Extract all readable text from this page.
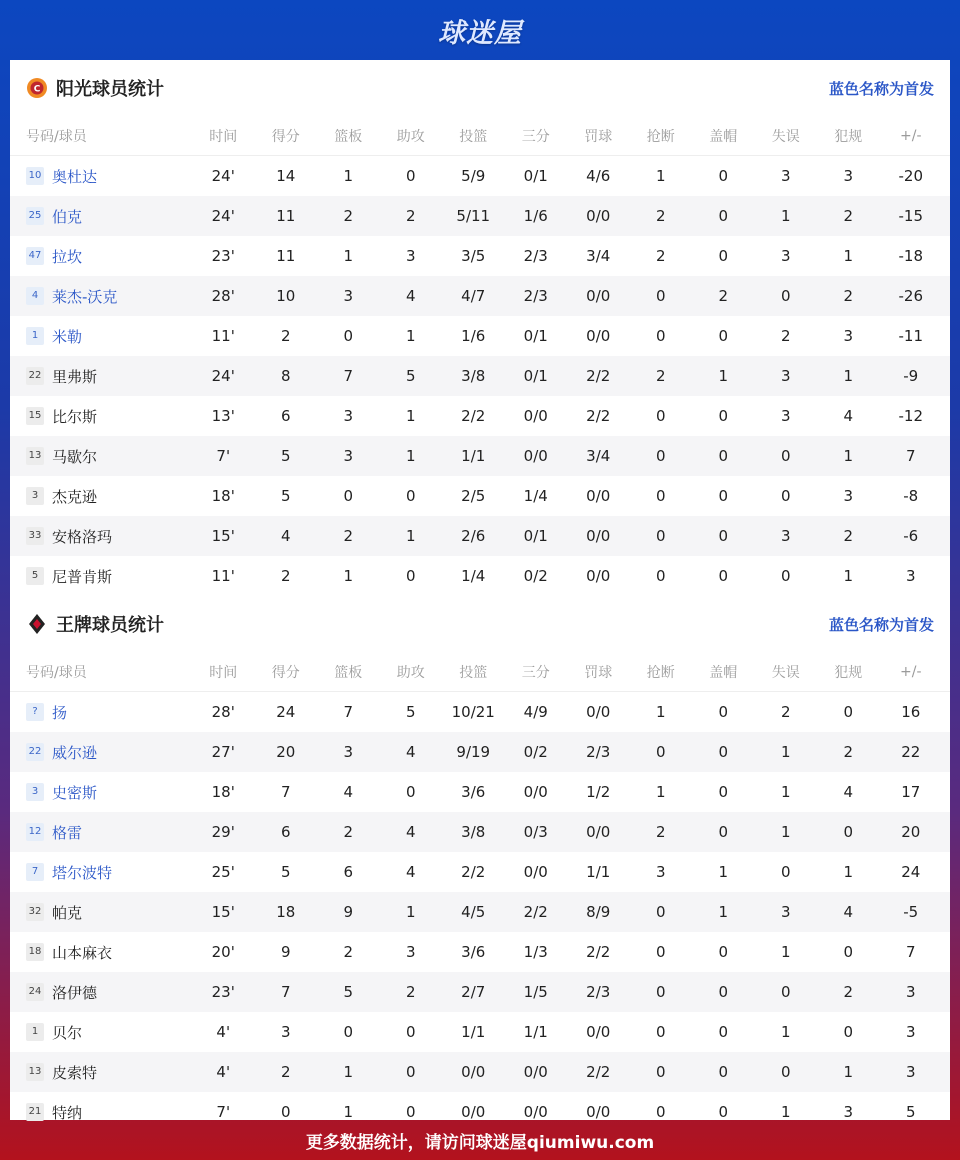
球迷屋
C 阳光球员统计	蓝色名称为首发
号码/球员	时间	得分	篮板	助攻	投篮	三分	罚球	抢断	盖帽	失误	犯规	+/-
10 奥杜达	24'	14	1	0	5/9	0/1	4/6	1	0	3	3	-20
25 伯克	24'	11	2	2	5/11	1/6	0/0	2	0	1	2	-15
47 拉坎	23'	11	1	3	3/5	2/3	3/4	2	0	3	1	-18
4 莱杰-沃克	28'	10	3	4	4/7	2/3	0/0	0	2	0	2	-26
1 米勒	11'	2	0	1	1/6	0/1	0/0	0	0	2	3	-11
22 里弗斯	24'	8	7	5	3/8	0/1	2/2	2	1	3	1	-9
15 比尔斯	13'	6	3	1	2/2	0/0	2/2	0	0	3	4	-12
13 马歇尔	7'	5	3	1	1/1	0/0	3/4	0	0	0	1	7
3 杰克逊	18'	5	0	0	2/5	1/4	0/0	0	0	0	3	-8
33 安格洛玛	15'	4	2	1	2/6	0/1	0/0	0	0	3	2	-6
5 尼普肯斯	11'	2	1	0	1/4	0/2	0/0	0	0	0	1	3
王牌球员统计	蓝色名称为首发
号码/球员	时间	得分	篮板	助攻	投篮	三分	罚球	抢断	盖帽	失误	犯规	+/-
? 扬	28'	24	7	5	10/21	4/9	0/0	1	0	2	0	16
22 威尔逊	27'	20	3	4	9/19	0/2	2/3	0	0	1	2	22
3 史密斯	18'	7	4	0	3/6	0/0	1/2	1	0	1	4	17
12 格雷	29'	6	2	4	3/8	0/3	0/0	2	0	1	0	20
7 塔尔波特	25'	5	6	4	2/2	0/0	1/1	3	1	0	1	24
32 帕克	15'	18	9	1	4/5	2/2	8/9	0	1	3	4	-5
18 山本麻衣	20'	9	2	3	3/6	1/3	2/2	0	0	1	0	7
24 洛伊德	23'	7	5	2	2/7	1/5	2/3	0	0	0	2	3
1 贝尔	4'	3	0	0	1/1	1/1	0/0	0	0	1	0	3
13 皮索特	4'	2	1	0	0/0	0/0	2/2	0	0	0	1	3
21 特纳	7'	0	1	0	0/0	0/0	0/0	0	0	1	3	5
更多数据统计，请访问球迷屋qiumiwu.com
